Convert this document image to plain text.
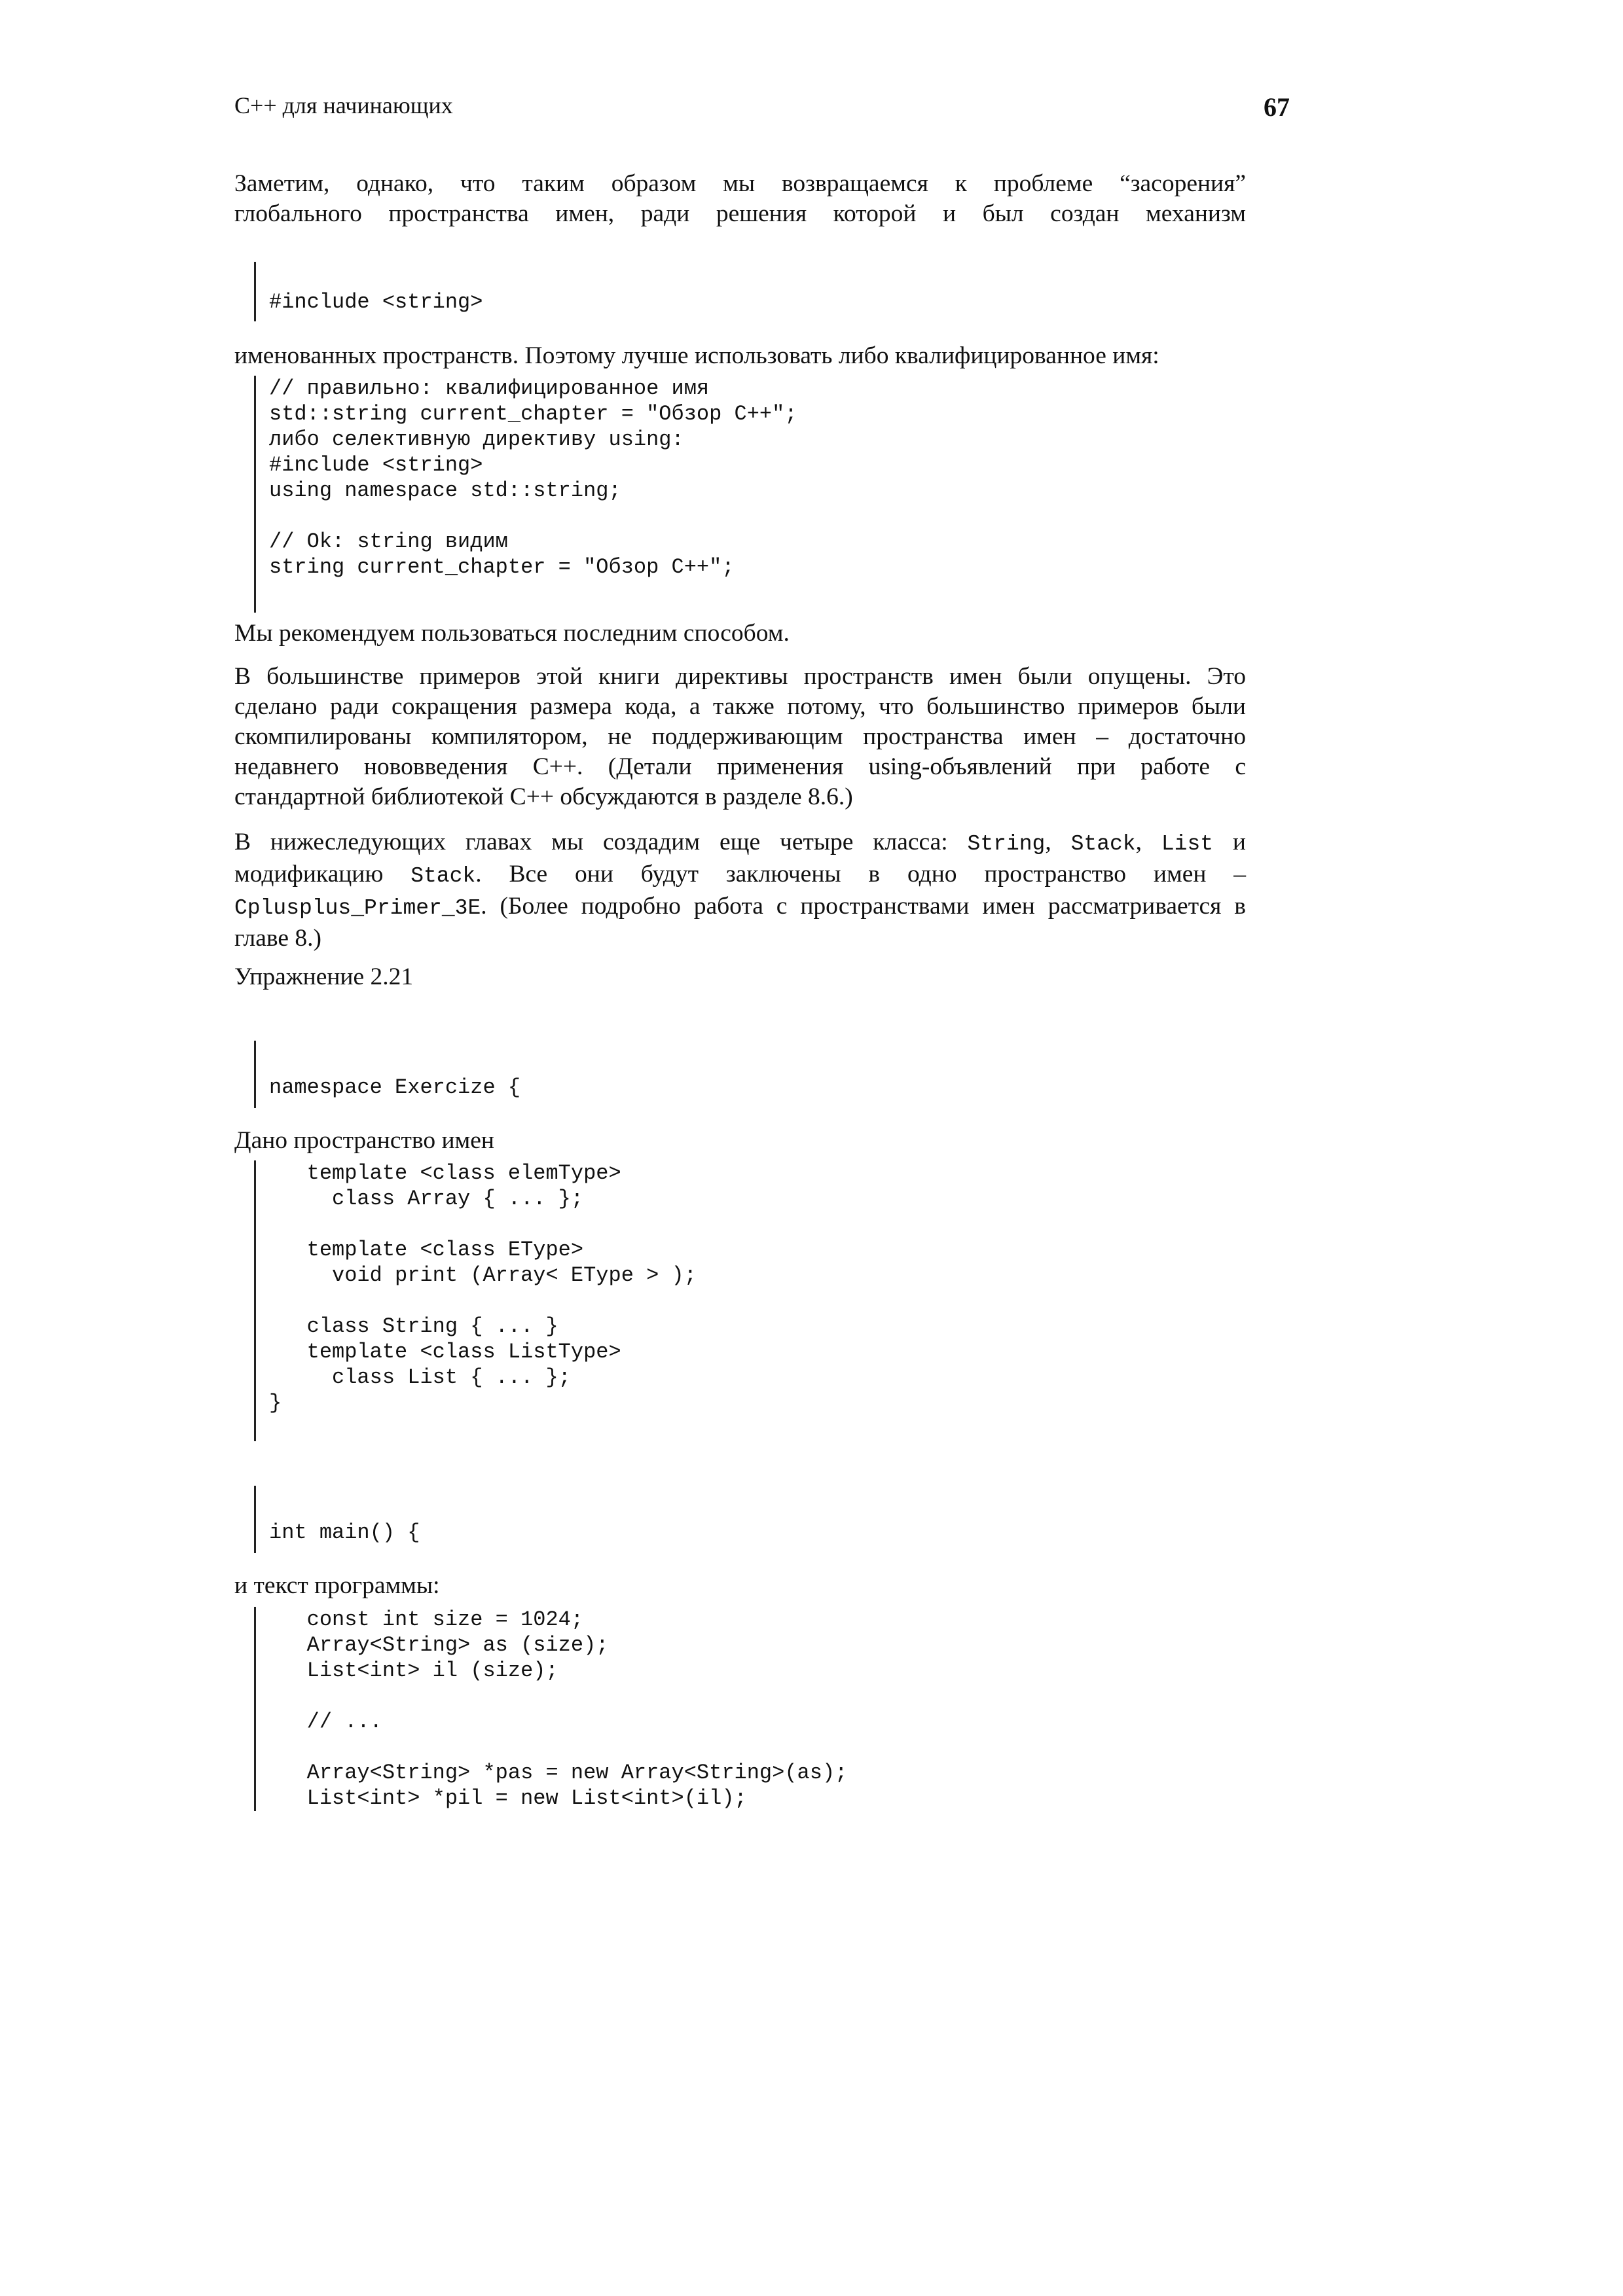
C++ для начинающих	67
Заметим, однако, что таким образом мы возвращаемся к проблеме “засорения”
глобального пространства имен, ради решения которой и был создан механизм
#include <string>
именованных пространств. Поэтому лучше использовать либо квалифицированное имя:
// правильно: квалифицированное имя
std::string current_chapter = "Обзор С++";
либо селективную директиву using:
#include <string>
using namespace std::string;
// Ok: string видим
string current_chapter = "Обзор С++";
Мы рекомендуем пользоваться последним способом.
В большинстве примеров этой книги директивы пространств имен были опущены. Это
сделано ради сокращения размера кода, а также потому, что большинство примеров были
скомпилированы компилятором, не поддерживающим пространства имен – достаточно
недавнего нововведения С++. (Детали применения using-объявлений при работе с
стандартной библиотекой С++ обсуждаются в разделе 8.6.)
В нижеследующих главах мы создадим еще четыре класса: String, Stack, List и
модификацию Stack. Все они будут заключены в одно пространство имен –
Cplusplus_Primer_3E. (Более подробно работа с пространствами имен рассматривается в
главе 8.)
Упражнение 2.21
namespace Exercize {
Дано пространство имен
template <class elemType>
class Array { ... };
template <class EType>
void print (Array< EType > );
class String { ... }
template <class ListType>
class List { ... };
}
int main() {
и текст программы:
const int size = 1024;
Array<String> as (size);
List<int> il (size);
// ...
Array<String> *pas = new Array<String>(as);
List<int> *pil = new List<int>(il);
